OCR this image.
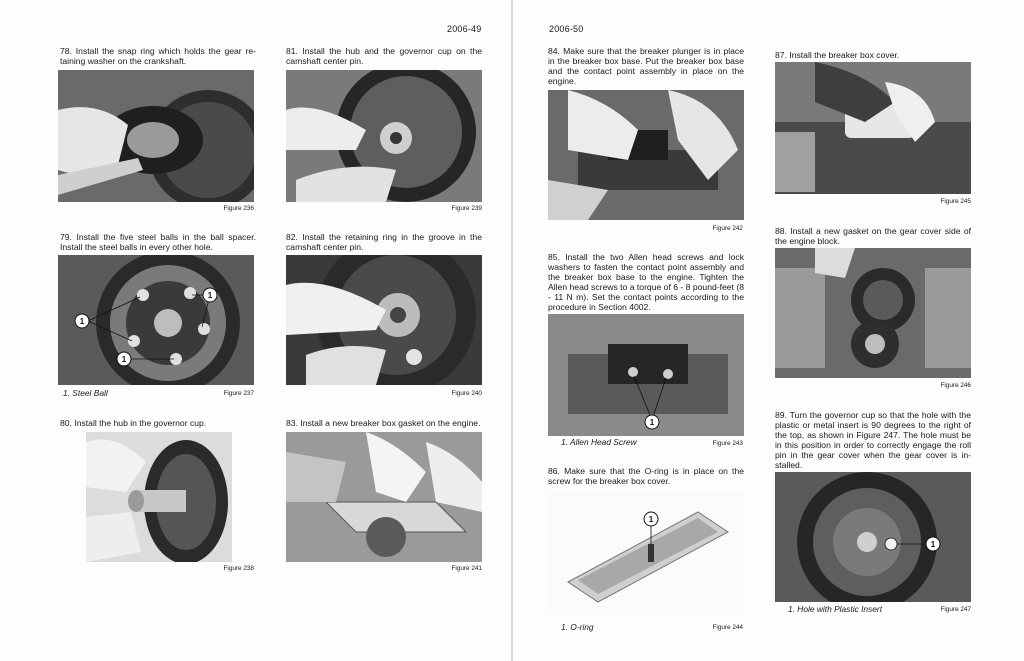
2006-49
78. Install the snap ring which holds the gear re-taining washer on the crankshaft.
Figure 236
79. Install the five steel balls in the ball spacer. Install the steel balls in every other hole.
1
1
1
1. Steel Ball	Figure 237
80. Install the hub in the governor cup.
Figure 238
81. Install the hub and the governor cup on the camshaft center pin.
Figure 239
82. Install the retaining ring in the groove in the camshaft center pin.
Figure 240
83. Install a new breaker box gasket on the engine.
Figure 241
2006-50
84. Make sure that the breaker plunger is in place in the breaker box base. Put the breaker box base and the contact point assembly in place on the engine.
Figure 242
85. Install the two Allen head screws and lock washers to fasten the contact point assembly and the breaker box base to the engine. Tighten the Allen head screws to a torque of 6 - 8 pound-feet (8 - 11 N m). Set the contact points according to the procedure in Section 4002.
1
1. Allen Head Screw	Figure 243
86. Make sure that the O-ring is in place on the screw for the breaker box cover.
1
1. O-ring	Figure 244
87. Install the breaker box cover.
Figure 245
88. Install a new gasket on the gear cover side of the engine block.
Figure 246
89. Turn the governor cup so that the hole with the plastic or metal insert is 90 degrees to the right of the top, as shown in Figure 247. The hole must be in this position in order to correctly engage the roll pin in the gear cover when the gear cover is in-stalled.
1
1. Hole with Plastic Insert	Figure 247
